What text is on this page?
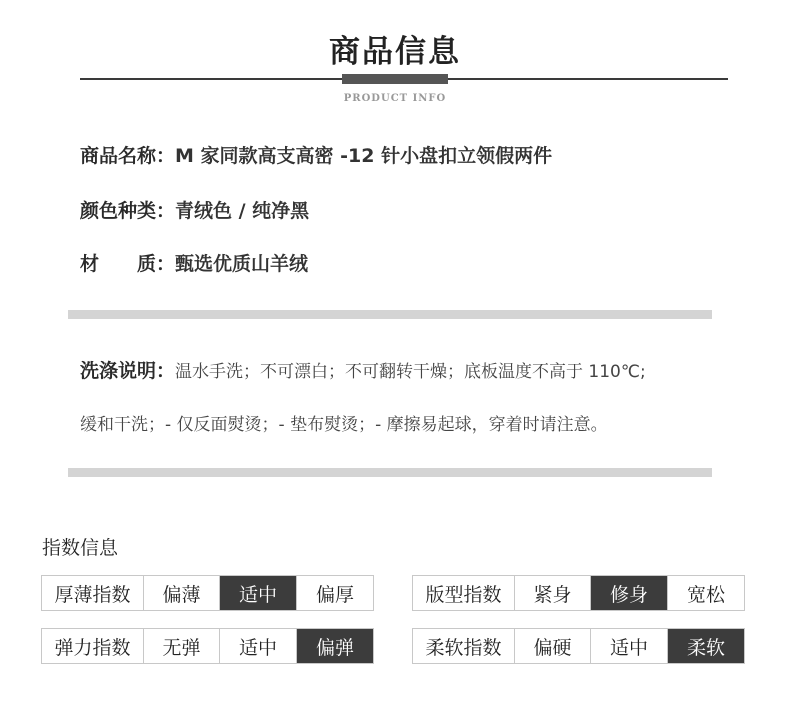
商品信息
PRODUCT INFO
商品名称：M 家同款高支高密 -12 针小盘扣立领假两件
颜色种类：青绒色 / 纯净黑
材　　质：甄选优质山羊绒
洗涤说明：温水手洗；不可漂白；不可翻转干燥；底板温度不高于 110℃;
缓和干洗；- 仅反面熨烫；- 垫布熨烫；- 摩擦易起球，穿着时请注意。
指数信息
厚薄指数	偏薄	适中	偏厚	版型指数	紧身	修身	宽松
弹力指数	无弹	适中	偏弹	柔软指数	偏硬	适中	柔软
